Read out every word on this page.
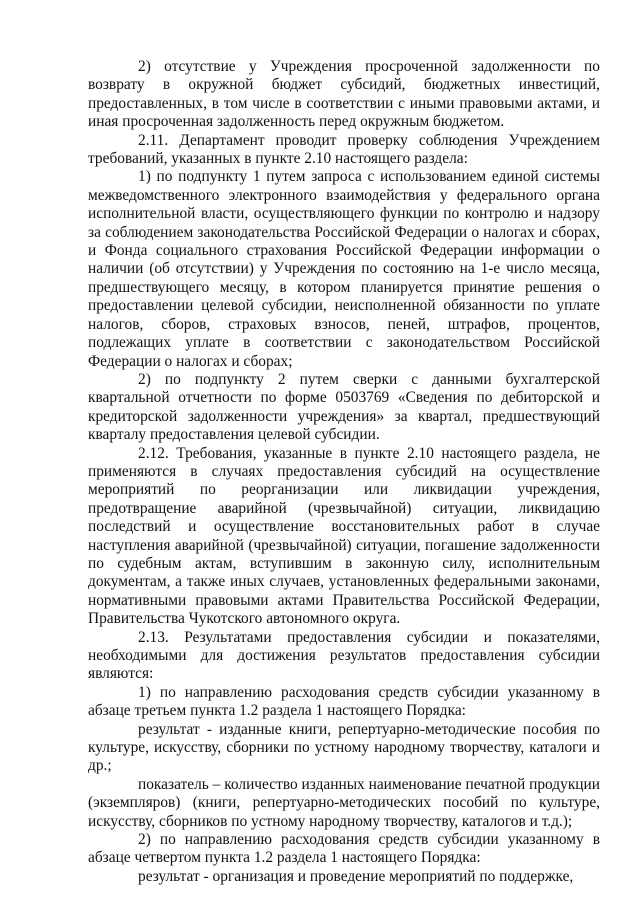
2) отсутствие у Учреждения просроченной задолженности по возврату в окружной бюджет субсидий, бюджетных инвестиций, предоставленных, в том числе в соответствии с иными правовыми актами, и иная просроченная задолженность перед окружным бюджетом.

2.11. Департамент проводит проверку соблюдения Учреждением требований, указанных в пункте 2.10 настоящего раздела:

1) по подпункту 1 путем запроса с использованием единой системы межведомственного электронного взаимодействия у федерального органа исполнительной власти, осуществляющего функции по контролю и надзору за соблюдением законодательства Российской Федерации о налогах и сборах, и Фонда социального страхования Российской Федерации информации о наличии (об отсутствии) у Учреждения по состоянию на 1-е число месяца, предшествующего месяцу, в котором планируется принятие решения о предоставлении целевой субсидии, неисполненной обязанности по уплате налогов, сборов, страховых взносов, пеней, штрафов, процентов, подлежащих уплате в соответствии с законодательством Российской Федерации о налогах и сборах;

2) по подпункту 2 путем сверки с данными бухгалтерской квартальной отчетности по форме 0503769 «Сведения по дебиторской и кредиторской задолженности учреждения» за квартал, предшествующий кварталу предоставления целевой субсидии.

2.12. Требования, указанные в пункте 2.10 настоящего раздела, не применяются в случаях предоставления субсидий на осуществление мероприятий по реорганизации или ликвидации учреждения, предотвращение аварийной (чрезвычайной) ситуации, ликвидацию последствий и осуществление восстановительных работ в случае наступления аварийной (чрезвычайной) ситуации, погашение задолженности по судебным актам, вступившим в законную силу, исполнительным документам, а также иных случаев, установленных федеральными законами, нормативными правовыми актами Правительства Российской Федерации, Правительства Чукотского автономного округа.

2.13. Результатами предоставления субсидии и показателями, необходимыми для достижения результатов предоставления субсидии являются:

1) по направлению расходования средств субсидии указанному в абзаце третьем пункта 1.2 раздела 1 настоящего Порядка:

результат - изданные книги, репертуарно-методические пособия по культуре, искусству, сборники по устному народному творчеству, каталоги и др.;

показатель – количество изданных наименование печатной продукции (экземпляров) (книги, репертуарно-методических пособий по культуре, искусству, сборников по устному народному творчеству, каталогов и т.д.);

2) по направлению расходования средств субсидии указанному в абзаце четвертом пункта 1.2 раздела 1 настоящего Порядка:

результат - организация и проведение мероприятий по поддержке,
